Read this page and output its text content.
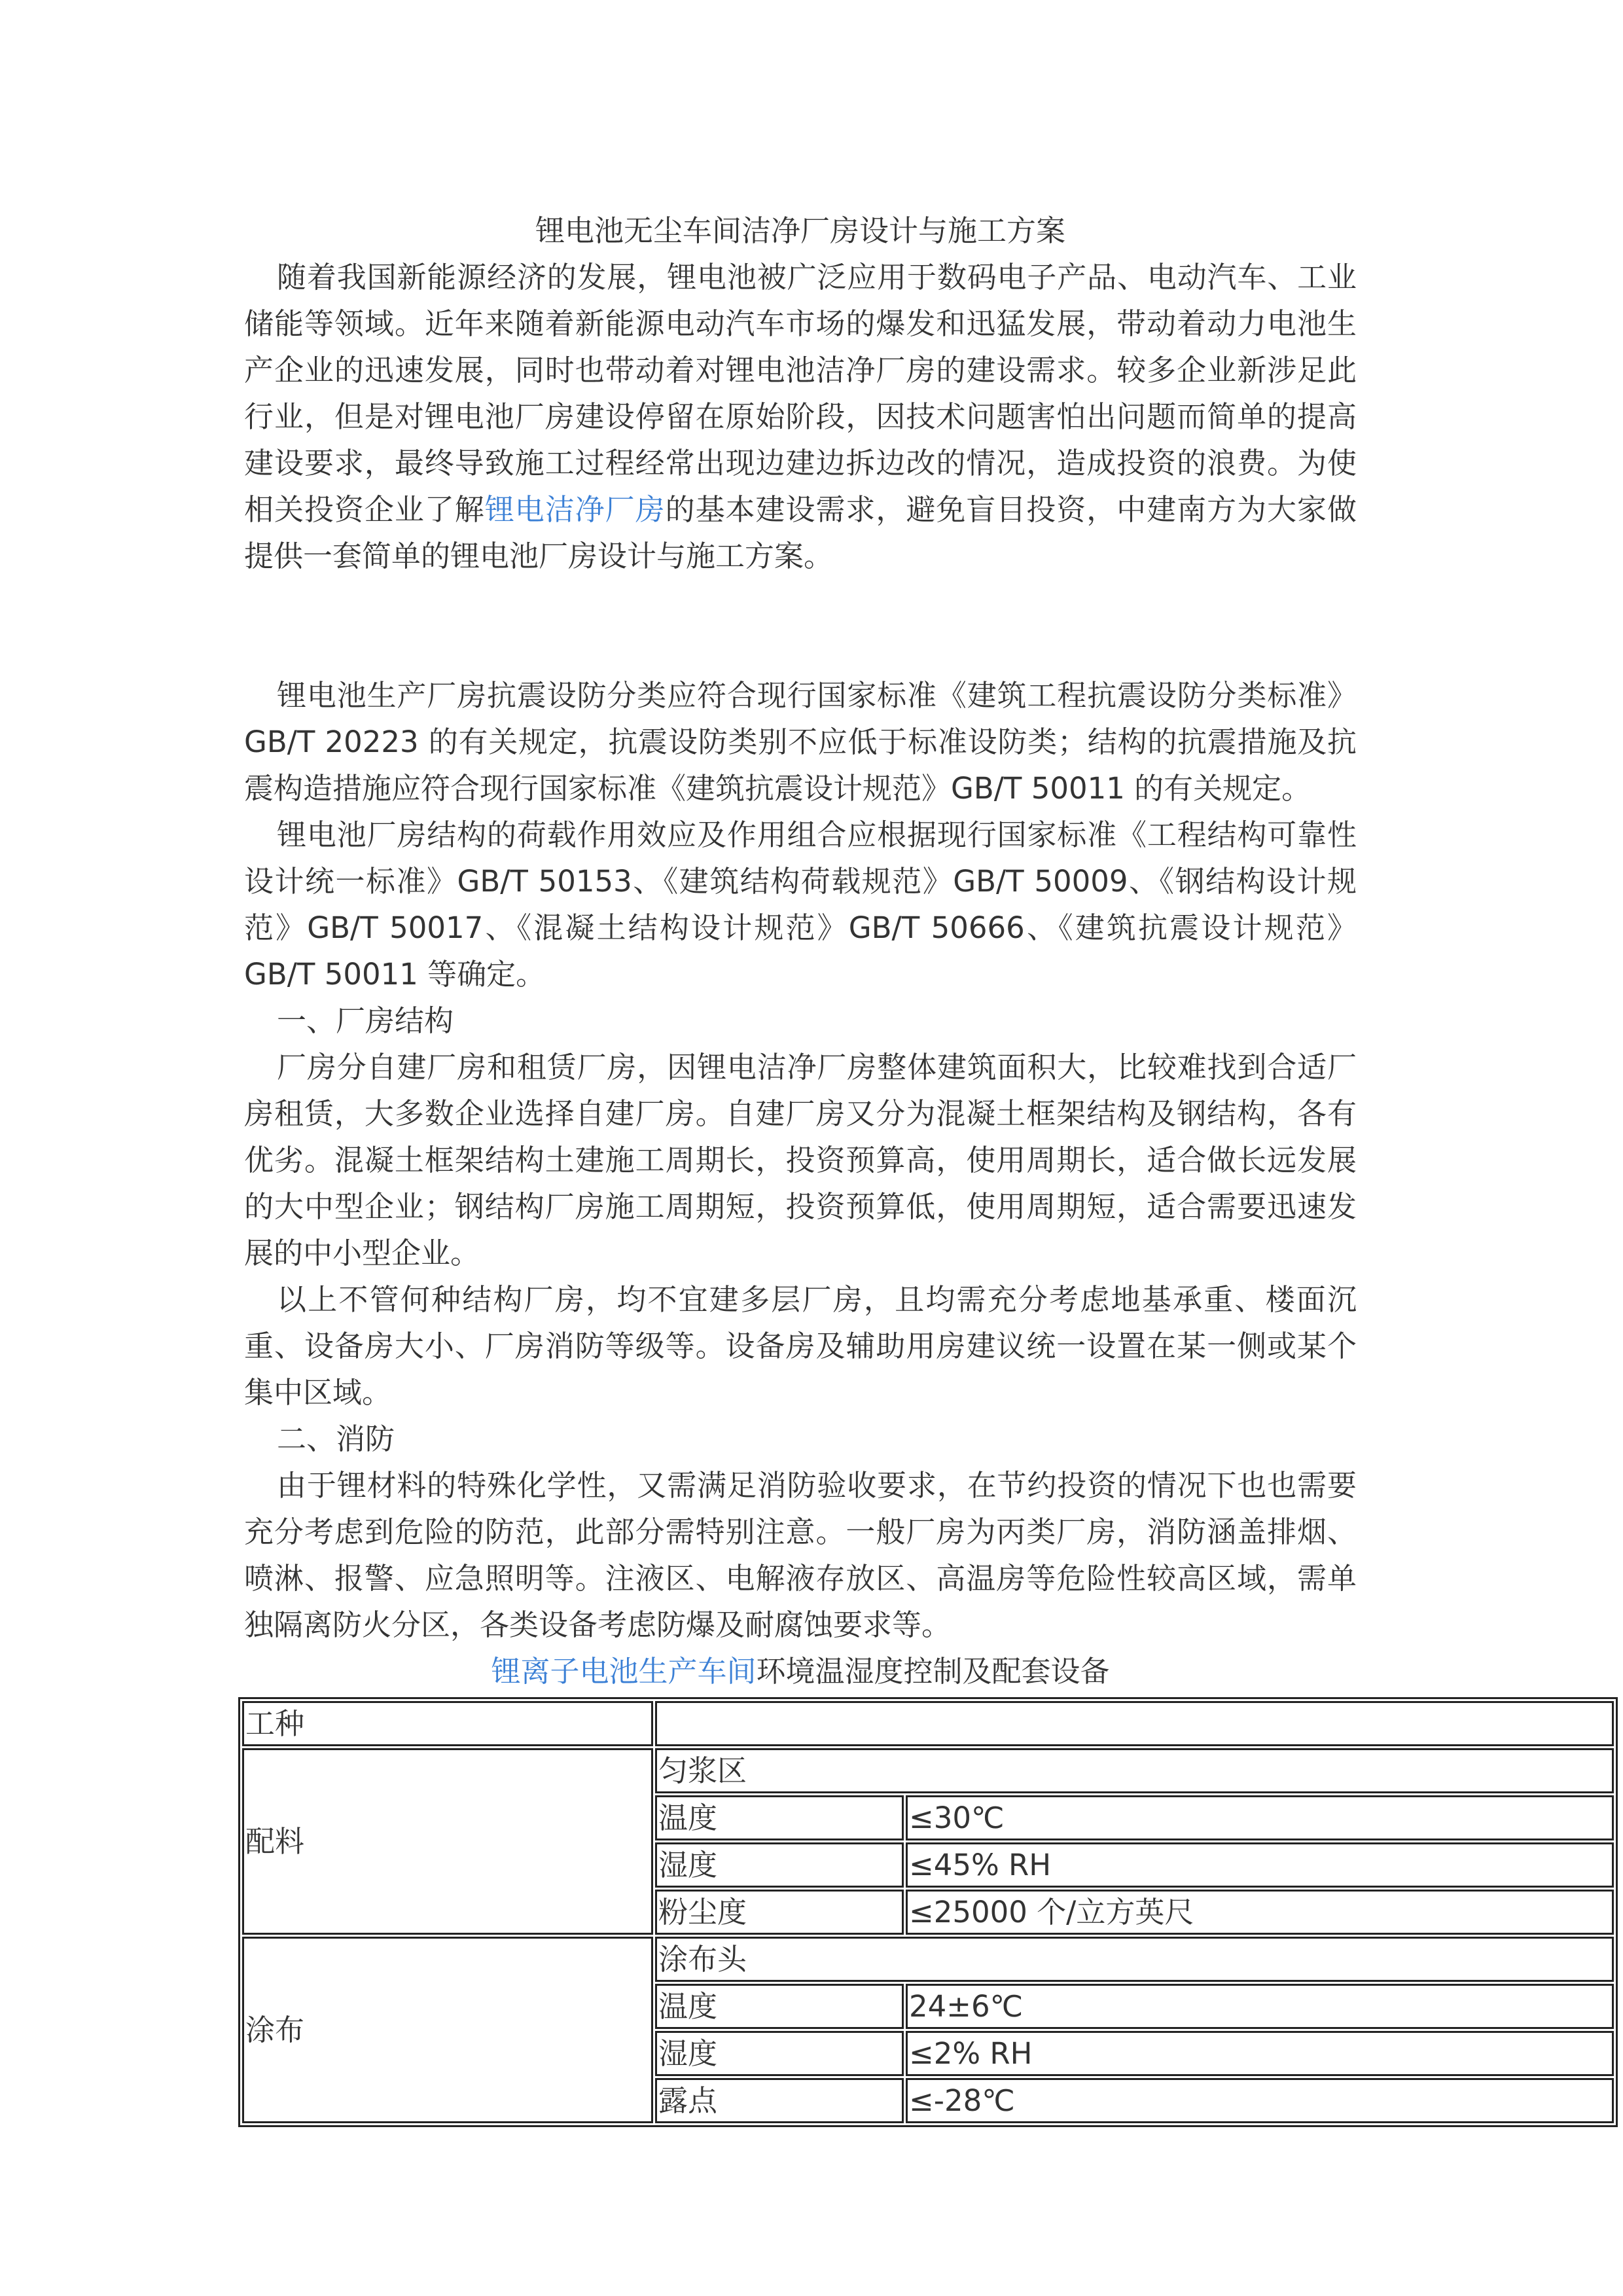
锂电池无尘车间洁净厂房设计与施工方案

随着我国新能源经济的发展，锂电池被广泛应用于数码电子产品、电动汽车、工业储能等领域。近年来随着新能源电动汽车市场的爆发和迅猛发展，带动着动力电池生产企业的迅速发展，同时也带动着对锂电池洁净厂房的建设需求。较多企业新涉足此行业，但是对锂电池厂房建设停留在原始阶段，因技术问题害怕出问题而简单的提高建设要求，最终导致施工过程经常出现边建边拆边改的情况，造成投资的浪费。为使相关投资企业了解锂电洁净厂房的基本建设需求，避免盲目投资，中建南方为大家做提供一套简单的锂电池厂房设计与施工方案。

锂电池生产厂房抗震设防分类应符合现行国家标准《建筑工程抗震设防分类标准》GB/T 20223 的有关规定，抗震设防类别不应低于标准设防类；结构的抗震措施及抗震构造措施应符合现行国家标准《建筑抗震设计规范》GB/T 50011 的有关规定。

锂电池厂房结构的荷载作用效应及作用组合应根据现行国家标准《工程结构可靠性设计统一标准》GB/T 50153、《建筑结构荷载规范》GB/T 50009、《钢结构设计规范》GB/T 50017、《混凝土结构设计规范》GB/T 50666、《建筑抗震设计规范》GB/T 50011 等确定。

一、厂房结构

厂房分自建厂房和租赁厂房，因锂电洁净厂房整体建筑面积大，比较难找到合适厂房租赁，大多数企业选择自建厂房。自建厂房又分为混凝土框架结构及钢结构，各有优劣。混凝土框架结构土建施工周期长，投资预算高，使用周期长，适合做长远发展的大中型企业；钢结构厂房施工周期短，投资预算低，使用周期短，适合需要迅速发展的中小型企业。

以上不管何种结构厂房，均不宜建多层厂房，且均需充分考虑地基承重、楼面沉重、设备房大小、厂房消防等级等。设备房及辅助用房建议统一设置在某一侧或某个集中区域。

二、消防

由于锂材料的特殊化学性，又需满足消防验收要求，在节约投资的情况下也也需要充分考虑到危险的防范，此部分需特别注意。一般厂房为丙类厂房，消防涵盖排烟、喷淋、报警、应急照明等。注液区、电解液存放区、高温房等危险性较高区域，需单独隔离防火分区，各类设备考虑防爆及耐腐蚀要求等。

锂离子电池生产车间环境温湿度控制及配套设备
工种		
配料	匀浆区	
	温度	≤30℃
	湿度	≤45% RH
	粉尘度	≤25000 个/立方英尺
涂布	涂布头	
	温度	24±6℃
	湿度	≤2% RH
	露点	≤-28℃
